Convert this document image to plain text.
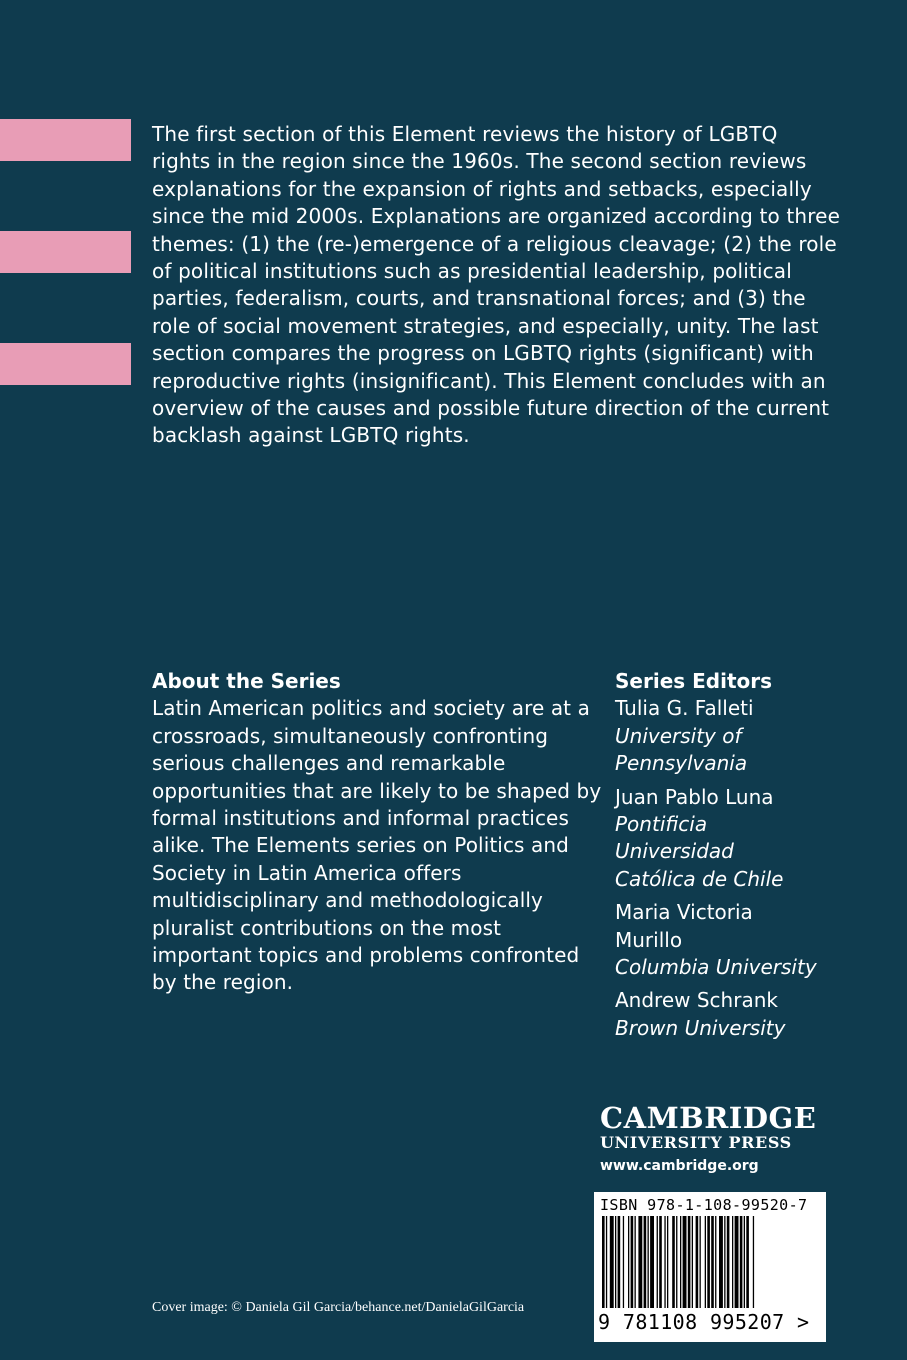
The first section of this Element reviews the history of LGBTQ rights in the region since the 1960s. The second section reviews explanations for the expansion of rights and setbacks, especially since the mid 2000s. Explanations are organized according to three themes: (1) the (re-)emergence of a religious cleavage; (2) the role of political institutions such as presidential leadership, political parties, federalism, courts, and transnational forces; and (3) the role of social movement strategies, and especially, unity. The last section compares the progress on LGBTQ rights (significant) with reproductive rights (insignificant). This Element concludes with an overview of the causes and possible future direction of the current backlash against LGBTQ rights.

About the Series

Latin American politics and society are at a crossroads, simultaneously confronting serious challenges and remarkable opportunities that are likely to be shaped by formal institutions and informal practices alike. The Elements series on Politics and Society in Latin America offers multidisciplinary and methodologically pluralist contributions on the most important topics and problems confronted by the region.

Series Editors
Tulia G. Falleti
University of Pennsylvania
Juan Pablo Luna
Pontificia Universidad Católica de Chile
Maria Victoria Murillo
Columbia University
Andrew Schrank
Brown University
CAMBRIDGE
UNIVERSITY PRESS
www.cambridge.org
ISBN 978-1-108-99520-7
9 781108 995207 >
Cover image: © Daniela Gil Garcia/behance.net/DanielaGilGarcia
